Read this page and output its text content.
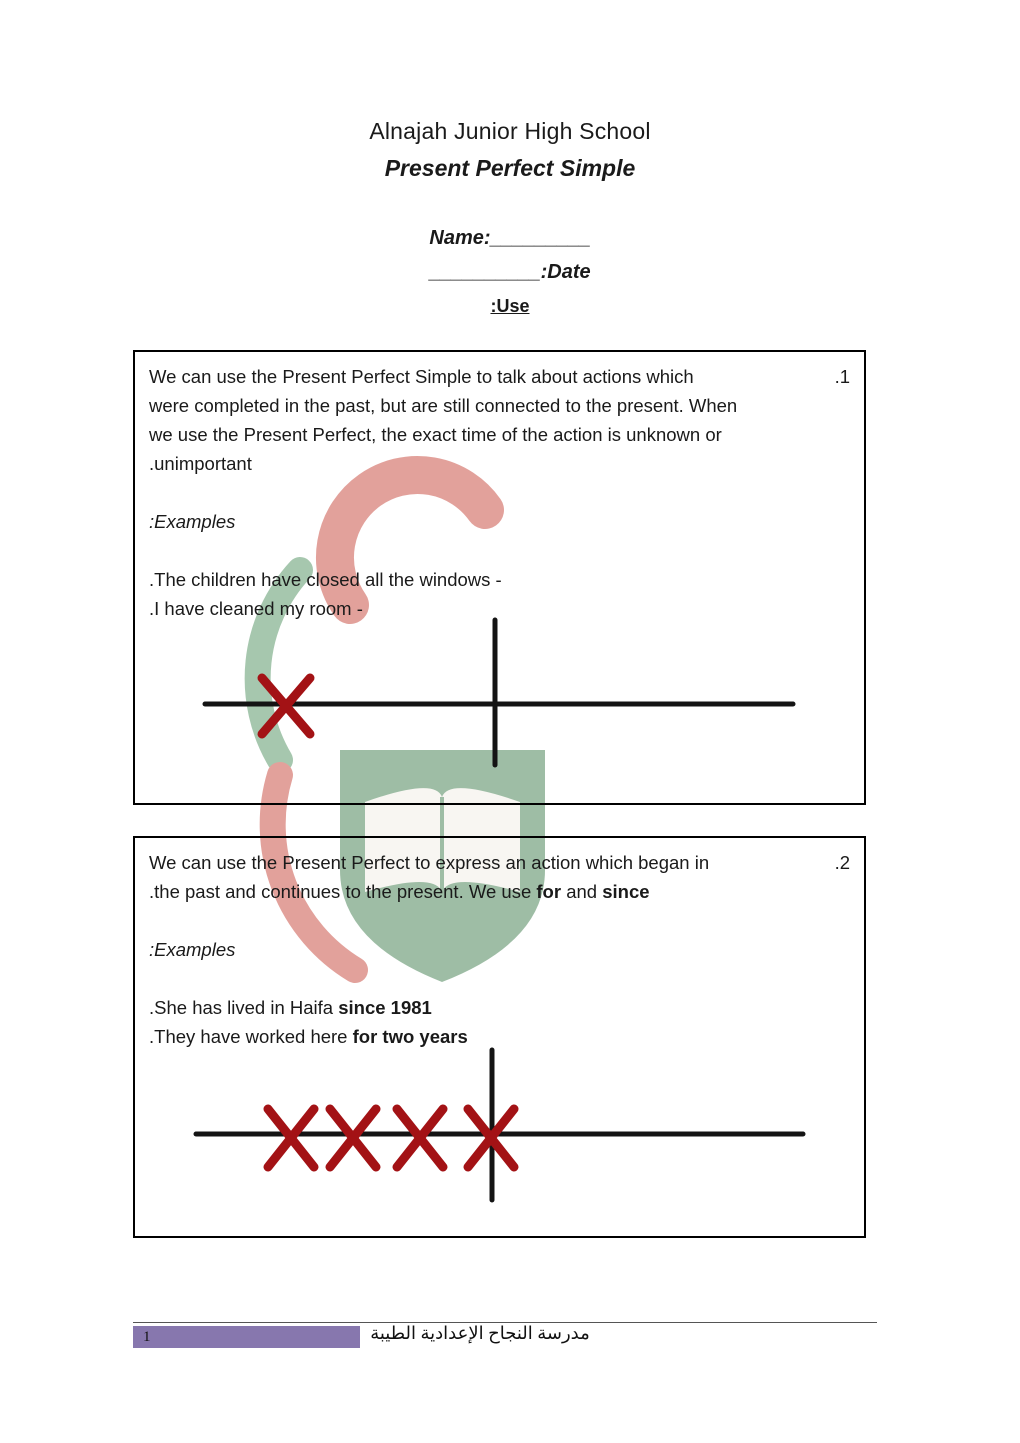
Alnajah Junior High School
Present Perfect Simple
Name:_________
__________:Date
:Use
We can use the Present Perfect Simple to talk about actions which	.1
were completed in the past, but are still connected to the present. When
we use the Present Perfect, the exact time of the action is unknown or
.unimportant
:Examples
.The children have closed all the windows -
.I have cleaned my room -
We can use the Present Perfect to express an action which began in	.2
.the past and continues to the present. We use for and since
:Examples
.She has lived in Haifa since 1981
.They have worked here for two years
1	مدرسة النجاح الإعدادية الطيبة
